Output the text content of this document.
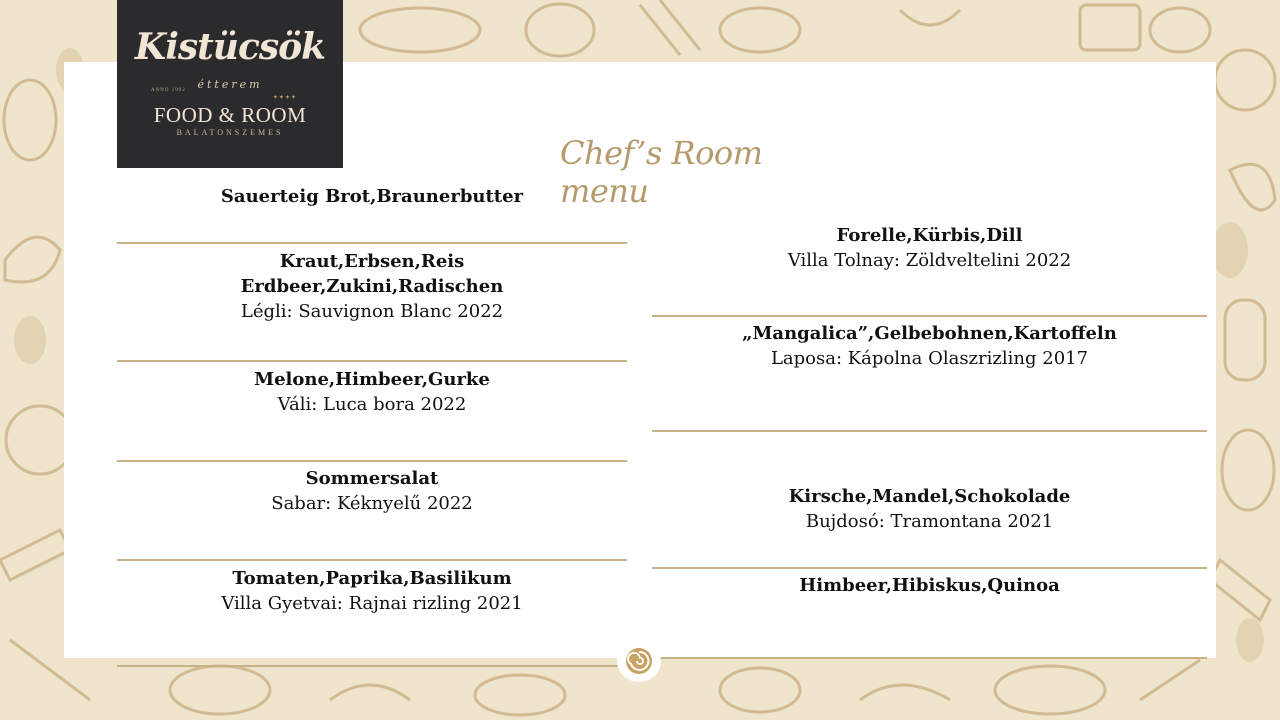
Kistücsök
ANNO 1992	étterem
✦✦✦✦
FOOD & ROOM
BALATONSZEMES
Chef’s Room menu
Sauerteig Brot,Braunerbutter
Kraut,Erbsen,Reis
Erdbeer,Zukini,Radischen
Légli: Sauvignon Blanc 2022
Melone,Himbeer,Gurke
Váli: Luca bora 2022
Sommersalat
Sabar: Kéknyelű 2022
Tomaten,Paprika,Basilikum
Villa Gyetvai: Rajnai rizling 2021
Forelle,Kürbis,Dill
Villa Tolnay: Zöldveltelini 2022
„Mangalica”,Gelbebohnen,Kartoffeln
Laposa: Kápolna Olaszrizling 2017
Kirsche,Mandel,Schokolade
Bujdosó: Tramontana 2021
Himbeer,Hibiskus,Quinoa
